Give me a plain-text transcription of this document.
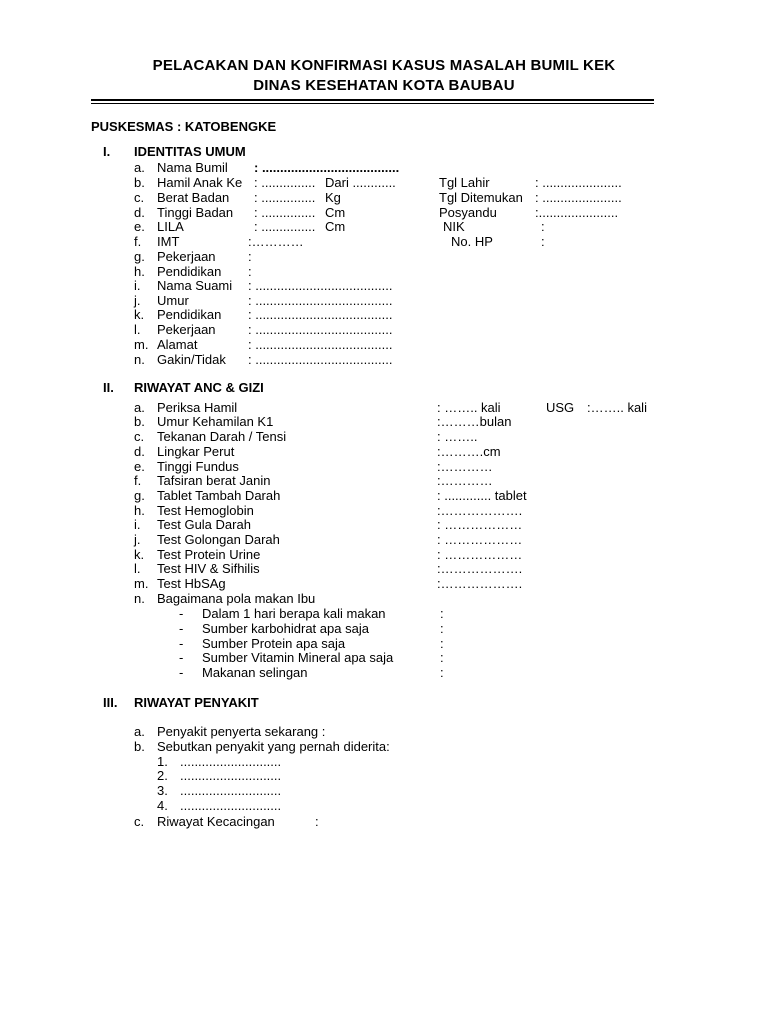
PELACAKAN DAN KONFIRMASI KASUS MASALAH BUMIL KEK
DINAS KESEHATAN KOTA BAUBAU
PUSKESMAS : KATOBENGKE
I. IDENTITAS UMUM
a. Nama Bumil : ......................................
b. Hamil Anak Ke : ............... Dari ............	Tgl Lahir	: ......................
c. Berat Badan : ............... Kg	Tgl Ditemukan : ......................
d. Tinggi Badan : ............... Cm	Posyandu	:......................
e. LILA	: ............... Cm	NIK	:
f. IMT	:…………	No. HP	:
g. Pekerjaan :
h. Pendidikan :
i. Nama Suami : ......................................
j. Umur	: ......................................
k. Pendidikan : ......................................
l. Pekerjaan : ......................................
m. Alamat	: ......................................
n. Gakin/Tidak : ......................................
II. RIWAYAT ANC & GIZI
a. Periksa Hamil	: …….. kali	USG :…….. kali
b. Umur Kehamilan K1	:………bulan
c. Tekanan Darah / Tensi	: ……..
d. Lingkar Perut	:……….cm
e. Tinggi Fundus	:…………
f. Tafsiran berat Janin	:…………
g. Tablet Tambah Darah	: ............. tablet
h. Test Hemoglobin	:……………….
i. Test Gula Darah	: ………………
j. Test Golongan Darah	: ………………
k. Test Protein Urine	: ………………
l. Test HIV & Sifhilis	:……………….
m. Test HbSAg	:……………….
n. Bagaimana pola makan Ibu
- Dalam 1 hari berapa kali makan	:
- Sumber karbohidrat apa saja	:
- Sumber Protein apa saja	:
- Sumber Vitamin Mineral apa saja	:
- Makanan selingan	:
III. RIWAYAT PENYAKIT
a. Penyakit penyerta sekarang :
b. Sebutkan penyakit yang pernah diderita:
1. ............................
2. ............................
3. ............................
4. ............................
c. Riwayat Kecacingan	:
